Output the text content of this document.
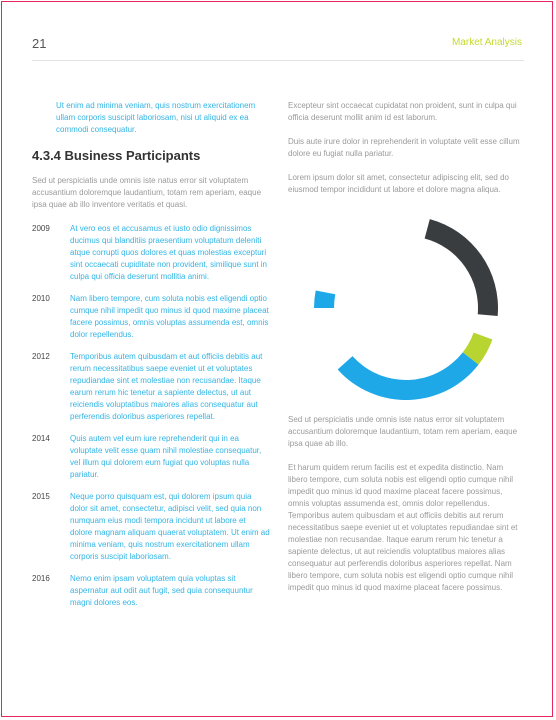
21	Market Analysis

Ut enim ad minima veniam, quis nostrum exercitationem ullam corporis suscipit laboriosam, nisi ut aliquid ex ea commodi consequatur.

4.3.4 Business Participants

Sed ut perspiciatis unde omnis iste natus error sit voluptatem accusantium doloremque laudantium, totam rem aperiam, eaque ipsa quae ab illo inventore veritatis et quasi.

2009	At vero eos et accusamus et iusto odio dignissimos ducimus qui blanditiis praesentium voluptatum deleniti atque corrupti quos dolores et quas molestias excepturi sint occaecati cupiditate non provident, similique sunt in culpa qui officia deserunt mollitia animi.
2010	Nam libero tempore, cum soluta nobis est eligendi optio cumque nihil impedit quo minus id quod maxime placeat facere possimus, omnis voluptas assumenda est, omnis dolor repellendus.
2012	Temporibus autem quibusdam et aut officiis debitis aut rerum necessitatibus saepe eveniet ut et voluptates repudiandae sint et molestiae non recusandae. Itaque earum rerum hic tenetur a sapiente delectus, ut aut reiciendis voluptatibus maiores alias consequatur aut perferendis doloribus asperiores repellat.
2014	Quis autem vel eum iure reprehenderit qui in ea voluptate velit esse quam nihil molestiae consequatur, vel illum qui dolorem eum fugiat quo voluptas nulla pariatur.
2015	Neque porro quisquam est, qui dolorem ipsum quia dolor sit amet, consectetur, adipisci velit, sed quia non numquam eius modi tempora incidunt ut labore et dolore magnam aliquam quaerat voluptatem. Ut enim ad minima veniam, quis nostrum exercitationem ullam corporis suscipit laboriosam.
2016	Nemo enim ipsam voluptatem quia voluptas sit aspernatur aut odit aut fugit, sed quia consequuntur magni dolores eos.

Excepteur sint occaecat cupidatat non proident, sunt in culpa qui officia deserunt mollit anim id est laborum.

Duis aute irure dolor in reprehenderit in voluptate velit esse cillum dolore eu fugiat nulla pariatur.

Lorem ipsum dolor sit amet, consectetur adipiscing elit, sed do eiusmod tempor incididunt ut labore et dolore magna aliqua.

Sed ut perspiciatis unde omnis iste natus error sit voluptatem accusantium doloremque laudantium, totam rem aperiam, eaque ipsa quae ab illo.

Et harum quidem rerum facilis est et expedita distinctio. Nam libero tempore, cum soluta nobis est eligendi optio cumque nihil impedit quo minus id quod maxime placeat facere possimus, omnis voluptas assumenda est, omnis dolor repellendus. Temporibus autem quibusdam et aut officiis debitis aut rerum necessitatibus saepe eveniet ut et voluptates repudiandae sint et molestiae non recusandae. Itaque earum rerum hic tenetur a sapiente delectus, ut aut reiciendis voluptatibus maiores alias consequatur aut perferendis doloribus asperiores repellat. Nam libero tempore, cum soluta nobis est eligendi optio cumque nihil impedit quo minus id quod maxime placeat facere possimus.
